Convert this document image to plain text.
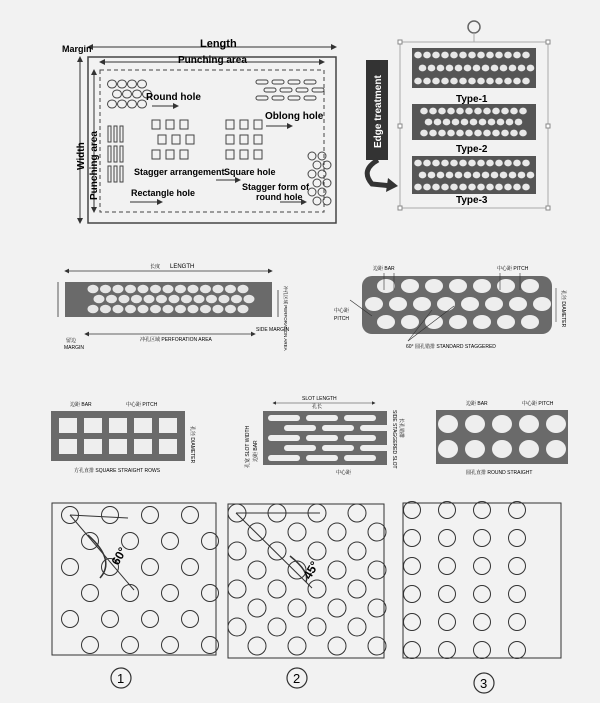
Length
Margin
Punching area
Width Punching area
Round hole
Oblong hole
Stagger arrangement Square hole
Rectangle hole
Stagger form of
round hole
Edge treatment	Type-1
Type-2
Type-3
长度 LENGTH
留边
MARGIN
冲孔区域 PERFORATION AREA
SIDE MARGIN
冲孔区域 PERFORATION AREA
边距 BAR	中心距 PITCH
中心距
PITCH	孔径 DIAMETER
60° 圆孔错排 STANDARD STAGGERED
边距 BAR	中心距 PITCH
孔径 DIAMETER
方孔直排 SQUARE STRAIGHT ROWS
SLOT LENGTH
孔长
孔宽 SLOT WIDTH 边距 BAR	SIDE STAGGERED SLOT 长孔错排
中心距
边距 BAR	中心距 PITCH
圆孔直排 ROUND STRAIGHT
60°
1
45°
2	3
